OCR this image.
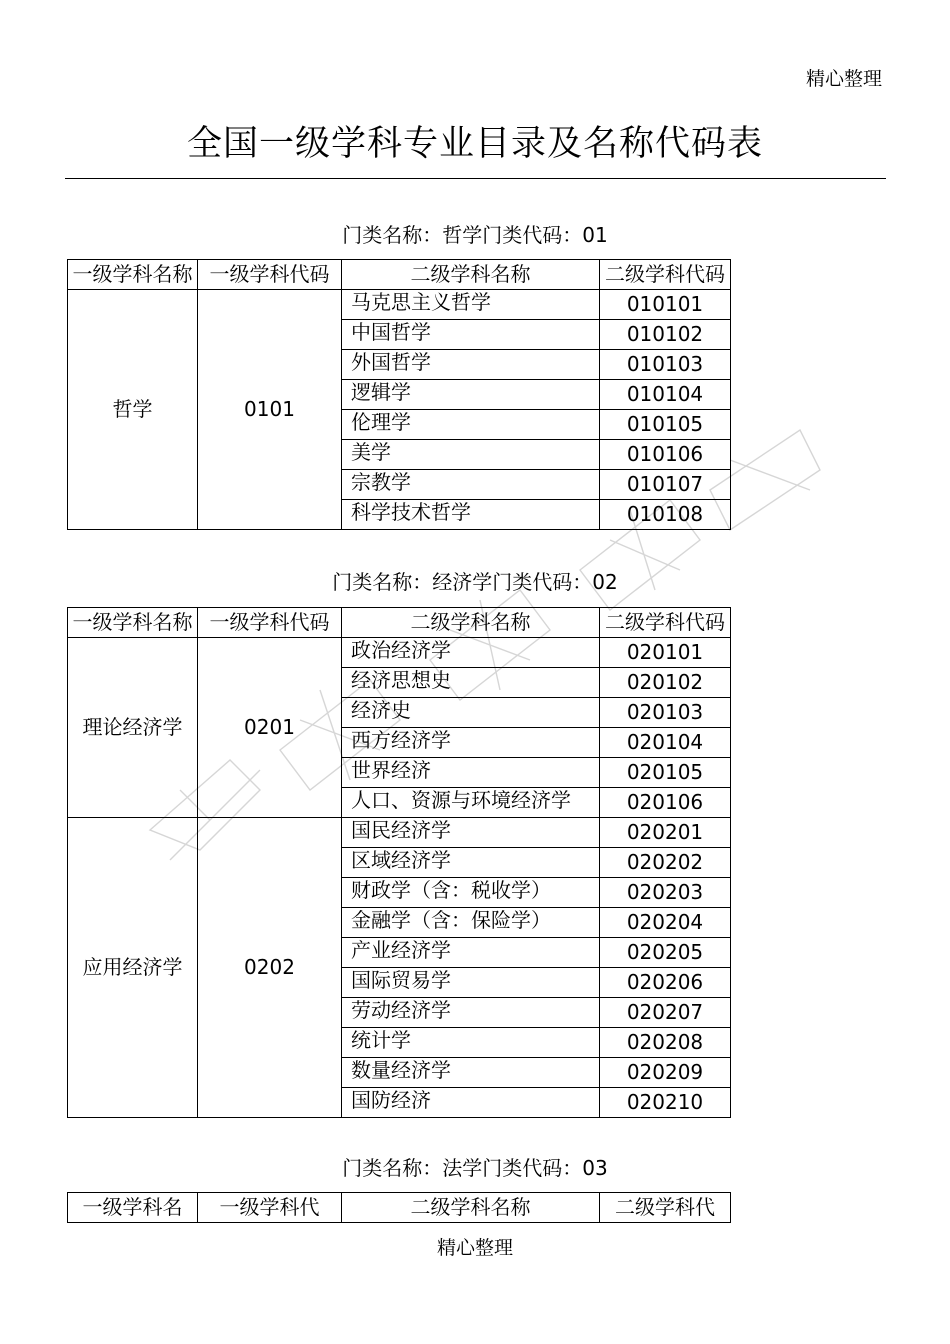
精心整理
全国一级学科专业目录及名称代码表
门类名称：哲学门类代码：01
一级学科名称	一级学科代码	二级学科名称	二级学科代码
哲学	0101	马克思主义哲学	010101
		中国哲学	010102
		外国哲学	010103
		逻辑学	010104
		伦理学	010105
		美学	010106
		宗教学	010107
		科学技术哲学	010108
门类名称：经济学门类代码：02
一级学科名称	一级学科代码	二级学科名称	二级学科代码
理论经济学	0201	政治经济学	020101
		经济思想史	020102
		经济史	020103
		西方经济学	020104
		世界经济	020105
		人口、资源与环境经济学	020106
应用经济学	0202	国民经济学	020201
		区域经济学	020202
		财政学（含：税收学）	020203
		金融学（含：保险学）	020204
		产业经济学	020205
		国际贸易学	020206
		劳动经济学	020207
		统计学	020208
		数量经济学	020209
		国防经济	020210
门类名称：法学门类代码：03
一级学科名	一级学科代	二级学科名称	二级学科代
精心整理
